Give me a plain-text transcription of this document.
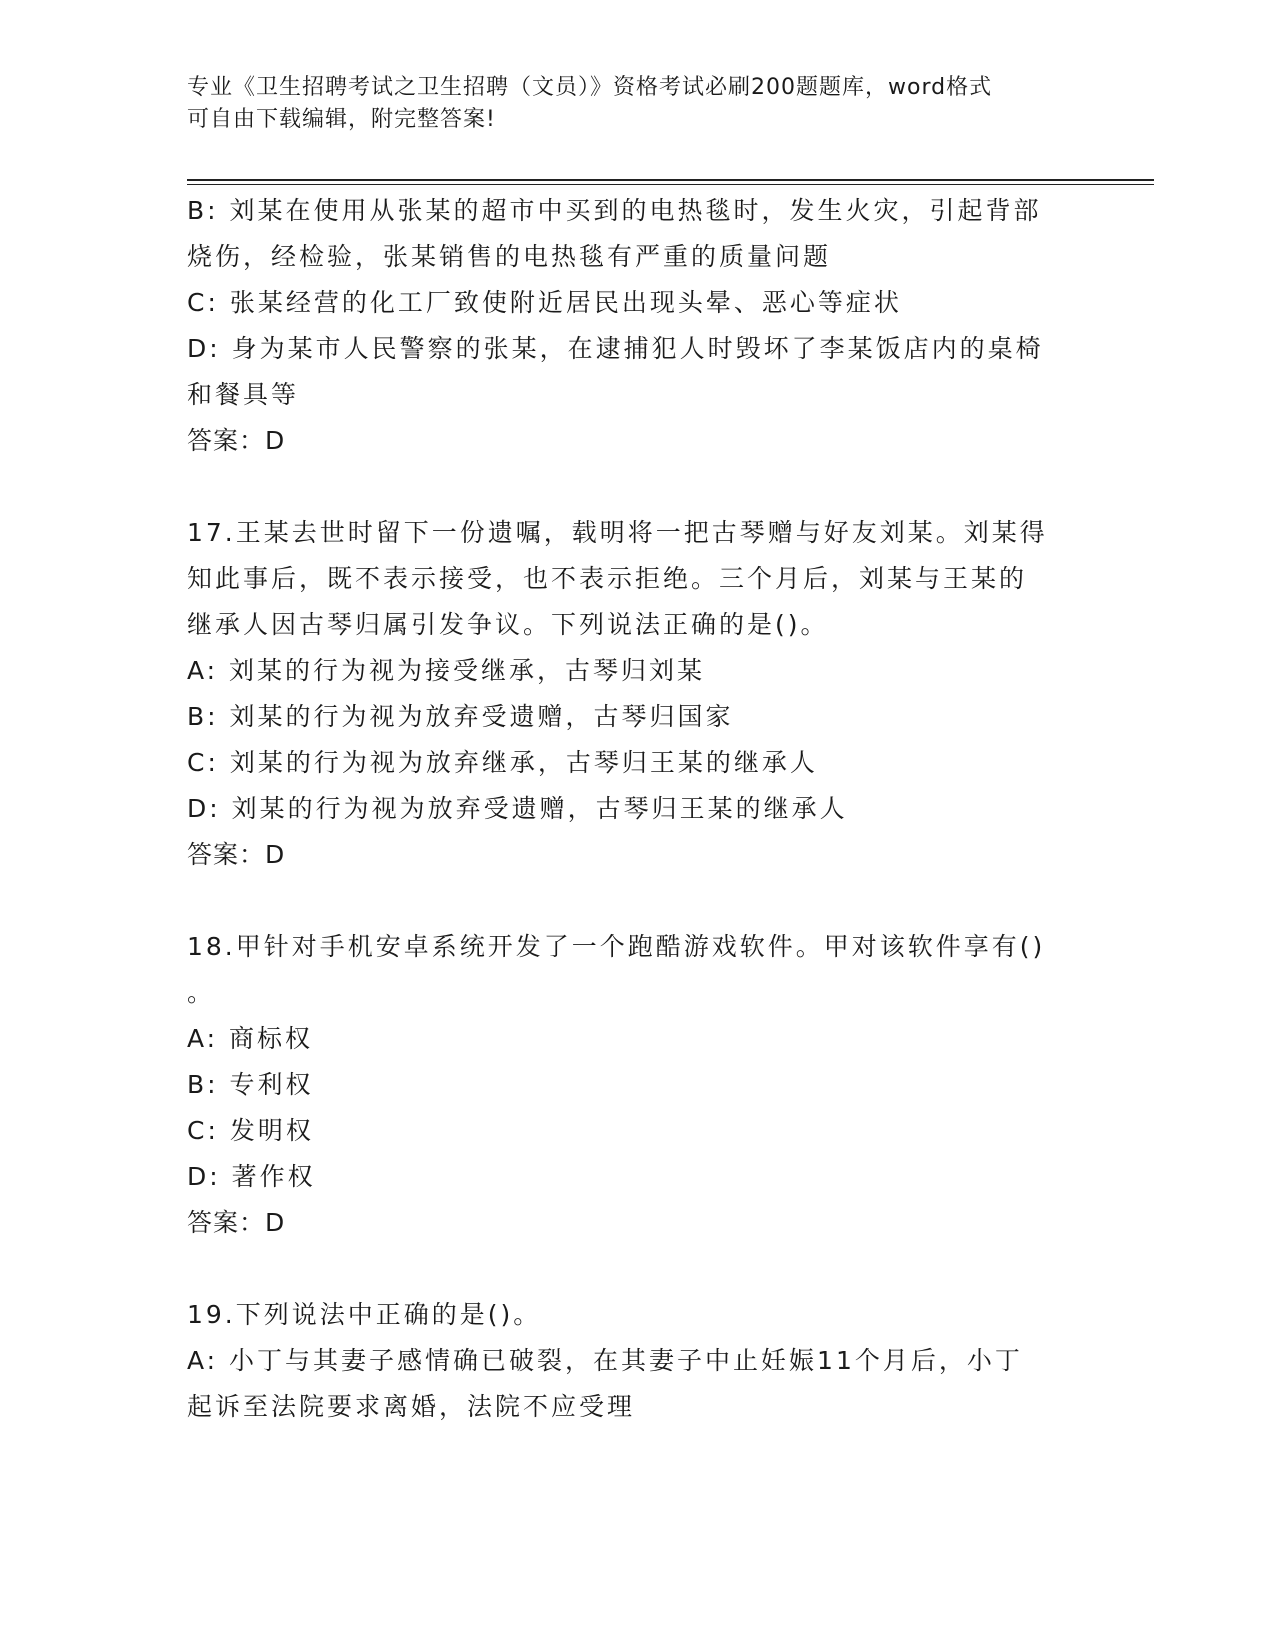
专业《卫生招聘考试之卫生招聘（文员）》资格考试必刷200题题库，word格式
可自由下载编辑，附完整答案!
B: 刘某在使用从张某的超市中买到的电热毯时，发生火灾，引起背部
烧伤，经检验，张某销售的电热毯有严重的质量问题
C: 张某经营的化工厂致使附近居民出现头晕、恶心等症状
D: 身为某市人民警察的张某，在逮捕犯人时毁坏了李某饭店内的桌椅
和餐具等
答案：D
17.王某去世时留下一份遗嘱，载明将一把古琴赠与好友刘某。刘某得
知此事后，既不表示接受，也不表示拒绝。三个月后，刘某与王某的
继承人因古琴归属引发争议。下列说法正确的是()。
A: 刘某的行为视为接受继承，古琴归刘某
B: 刘某的行为视为放弃受遗赠，古琴归国家
C: 刘某的行为视为放弃继承，古琴归王某的继承人
D: 刘某的行为视为放弃受遗赠，古琴归王某的继承人
答案：D
18.甲针对手机安卓系统开发了一个跑酷游戏软件。甲对该软件享有()
。
A: 商标权
B: 专利权
C: 发明权
D: 著作权
答案：D
19.下列说法中正确的是()。
A: 小丁与其妻子感情确已破裂，在其妻子中止妊娠11个月后，小丁
起诉至法院要求离婚，法院不应受理
